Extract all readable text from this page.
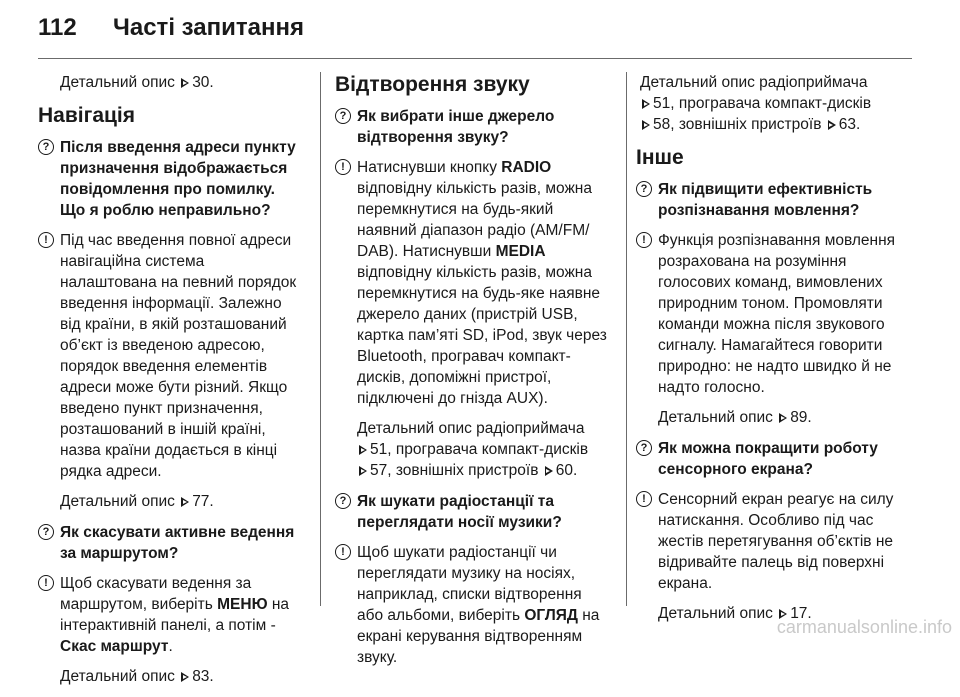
112 Часті запитання

Детальний опис 30.

Навігація
? Після введення адреси пункту призначення відображається повідомлення про помилку. Що я роблю неправильно?

! Під час введення повної адреси навігаційна система налаштована на певний порядок введення інформації. Залежно від країни, в якій розташований об’єкт із введеною адресою, порядок введення елементів адреси може бути різний. Якщо введено пункт призначення, розташований в іншій країні, назва країни додається в кінці рядка адреси.

Детальний опис 77.

? Як скасувати активне ведення за маршрутом?

! Щоб скасувати ведення за маршрутом, виберіть МЕНЮ на інтерактивній панелі, а потім - Скас маршрут.

Детальний опис 83.

Відтворення звуку
? Як вибрати інше джерело відтворення звуку?

! Натиснувши кнопку RADIO відповідну кількість разів, можна перемкнутися на будь-який наявний діапазон радіо (AM/FM/ DAB). Натиснувши MEDIA відповідну кількість разів, можна перемкнутися на будь-яке наявне джерело даних (пристрій USB, картка пам’яті SD, iPod, звук через Bluetooth, програвач компакт-дисків, допоміжні пристрої, підключені до гнізда AUX).

Детальний опис радіоприймача
51, програвача компакт-дисків
57, зовнішніх пристроїв 60.

? Як шукати радіостанції та переглядати носії музики?

! Щоб шукати радіостанції чи переглядати музику на носіях, наприклад, списки відтворення або альбоми, виберіть ОГЛЯД на екрані керування відтворенням звуку.

Детальний опис радіоприймача
51, програвача компакт-дисків
58, зовнішніх пристроїв 63.

Інше
? Як підвищити ефективність розпізнавання мовлення?

! Функція розпізнавання мовлення розрахована на розуміння голосових команд, вимовлених природним тоном. Промовляти команди можна після звукового сигналу. Намагайтеся говорити природно: не надто швидко й не надто голосно.

Детальний опис 89.

? Як можна покращити роботу сенсорного екрана?

! Сенсорний екран реагує на силу натискання. Особливо під час жестів перетягування об’єктів не відривайте палець від поверхні екрана.

Детальний опис 17.

carmanualsonline.info
